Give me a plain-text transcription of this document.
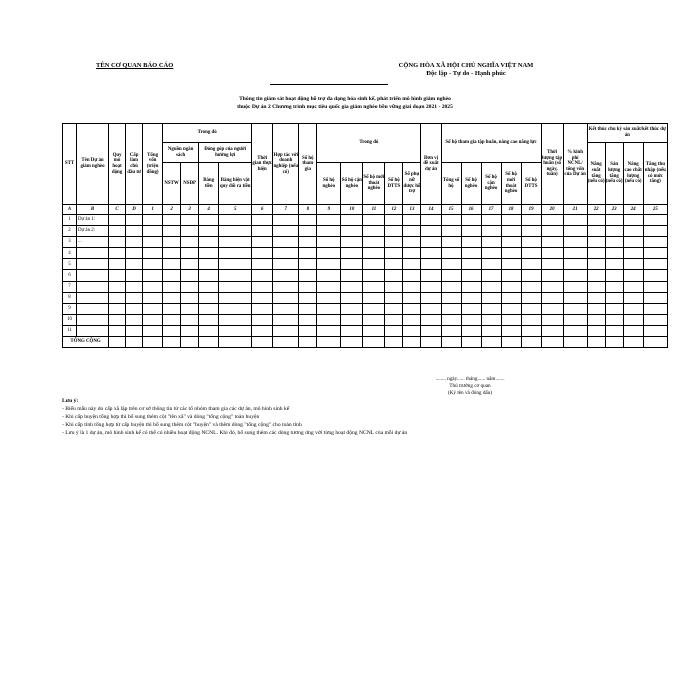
TÊN CƠ QUAN BÁO CÁO	CỘNG HÒA XÃ HỘI CHỦ NGHĨA VIỆT NAM
Độc lập - Tự do - Hạnh phúc
Thông tin giám sát hoạt động hỗ trợ đa dạng hóa sinh kế, phát triển mô hình giảm nghèo
thuộc Dự án 2 Chương trình mục tiêu quốc gia giảm nghèo bền vững giai đoạn 2021 - 2025
STT	Tên Dự án giảm nghèo	Quy mô hoạt động	Cấp làm chủ đầu tư	Tổng vốn (triệu đồng)	Trong đó				Thời gian thực hiện	Hợp tác với doanh nghiệp (nếu có)	Số hộ tham gia	Trong đó					Đơn vị đề xuất dự án	Số hộ tham gia tập huấn, nâng cao năng lực					Thời lượng tập huấn (số ngày, tuần)	% kinh phí NCNL/ tổng vốn của Dự án	Kết thúc chu kỳ sản xuất/kết thúc dự án			
					Nguồn ngân sách		Đóng góp của người hưởng lợi																		Năng suất tăng (nếu có)	Sản lượng tăng (nếu có)	Nâng cao chất lượng (nếu có)	Tăng thu nhập (nếu có mức tăng)
					NSTW	NSĐP	Bằng tiền	Bằng hiện vật quy đổi ra tiền				Số hộ nghèo	Số hộ cận nghèo	Số hộ mới thoát nghèo	Số hộ DTTS	Số phụ nữ được hỗ trợ		Tổng số hộ	Số hộ nghèo	Số hộ cận nghèo	Số hộ mới thoát nghèo	Số hộ DTTS						
A	B	C	D	1	2	3	4	5	6	7	8	9	10	11	12	13	14	15	16	17	18	19	20	21	22	23	24	25
1	Dự án 1:																											
2	Dự án 2:																											
3	...																											
4																												
5																												
6																												
7																												
8																												
9																												
10																												
11																												
TỔNG CỘNG																												
........ ngày...... tháng...... năm.......
Thủ trưởng cơ quan
(Ký tên và đóng dấu)
Lưu ý:
- Biểu mẫu này do cấp xã lập trên cơ sở thông tin từ các tổ nhóm tham gia các dự án, mô hình sinh kế
- Khi cấp huyện tổng hợp thì bổ sung thêm cột "tên xã" và dòng "tổng cộng" toàn huyện
- Khi cấp tỉnh tổng hợp từ cấp huyện thì bổ sung thêm cột "huyện" và thêm dòng "tổng cộng" cho toàn tỉnh
- Lưu ý là 1 dự án, mô hình sinh kế có thể có nhiều hoạt động NCNL. Khi đó, bổ sung thêm các dòng tương ứng với từng hoạt động NCNL của mỗi dự án
